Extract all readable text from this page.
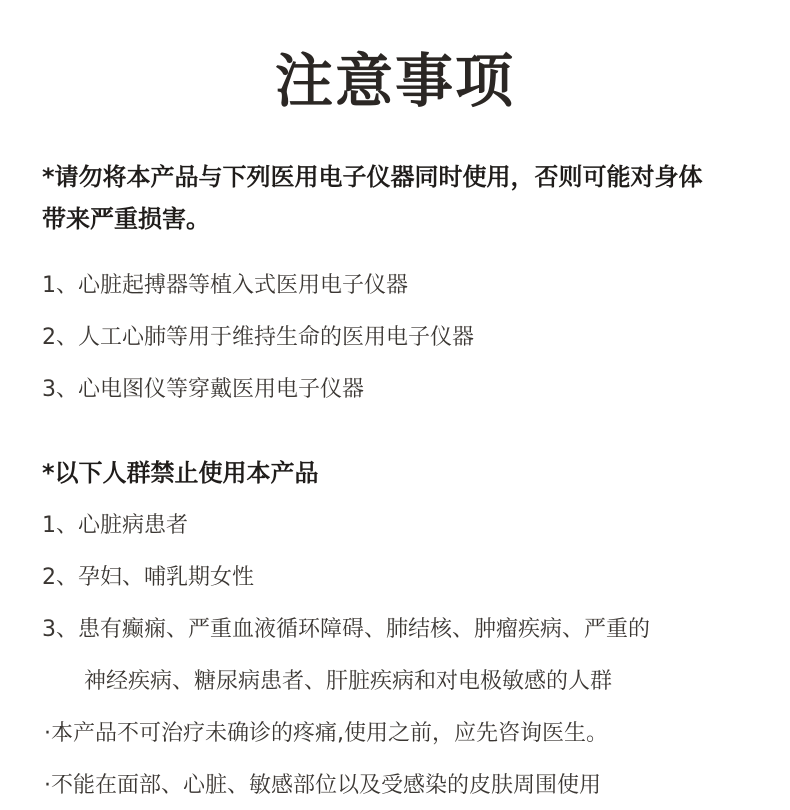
注意事项
*请勿将本产品与下列医用电子仪器同时使用，否则可能对身体
带来严重损害。
1、心脏起搏器等植入式医用电子仪器
2、人工心肺等用于维持生命的医用电子仪器
3、心电图仪等穿戴医用电子仪器
*以下人群禁止使用本产品
1、心脏病患者
2、孕妇、哺乳期女性
3、患有癫痫、严重血液循环障碍、肺结核、肿瘤疾病、严重的
神经疾病、糖尿病患者、肝脏疾病和对电极敏感的人群
·本产品不可治疗未确诊的疼痛,使用之前，应先咨询医生。
·不能在面部、心脏、敏感部位以及受感染的皮肤周围使用
